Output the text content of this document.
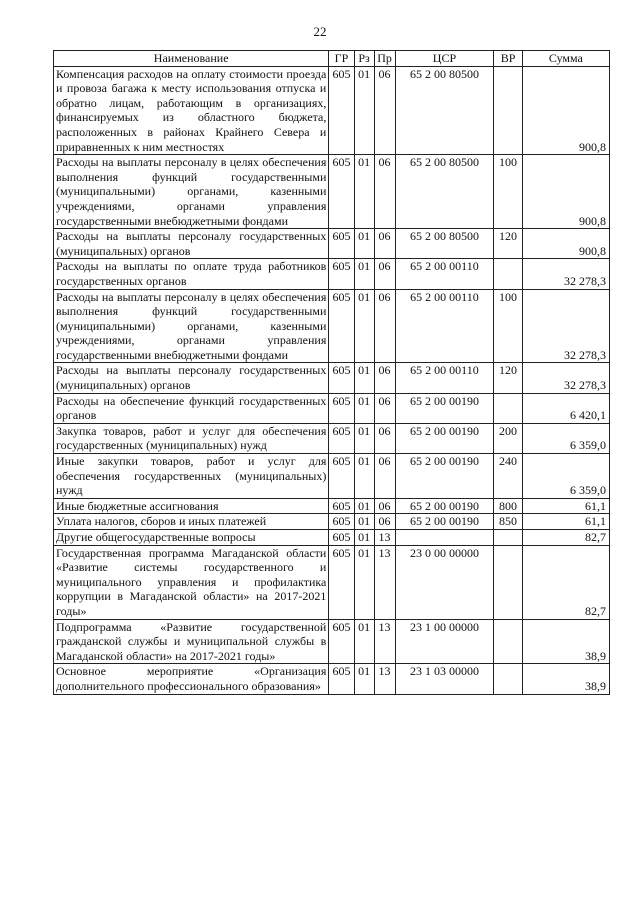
22
Наименование	ГР	Рз	Пр	ЦСР	ВР	Сумма
Компенсация расходов на оплату стоимости проезда и провоза багажа к месту использования отпуска и обратно лицам, работающим в организациях, финансируемых из областного бюджета, расположенных в районах Крайнего Севера и приравненных к ним местностях	605	01	06	65 2 00 80500		900,8
Расходы на выплаты персоналу в целях обеспечения выполнения функций государственными (муниципальными) органами, казенными учреждениями, органами управления государственными внебюджетными фондами	605	01	06	65 2 00 80500	100	900,8
Расходы на выплаты персоналу государственных (муниципальных) органов	605	01	06	65 2 00 80500	120	900,8
Расходы на выплаты по оплате труда работников государственных органов	605	01	06	65 2 00 00110		32 278,3
Расходы на выплаты персоналу в целях обеспечения выполнения функций государственными (муниципальными) органами, казенными учреждениями, органами управления государственными внебюджетными фондами	605	01	06	65 2 00 00110	100	32 278,3
Расходы на выплаты персоналу государственных (муниципальных) органов	605	01	06	65 2 00 00110	120	32 278,3
Расходы на обеспечение функций государственных органов	605	01	06	65 2 00 00190		6 420,1
Закупка товаров, работ и услуг для обеспечения государственных (муниципальных) нужд	605	01	06	65 2 00 00190	200	6 359,0
Иные закупки товаров, работ и услуг для обеспечения государственных (муниципальных) нужд	605	01	06	65 2 00 00190	240	6 359,0
Иные бюджетные ассигнования	605	01	06	65 2 00 00190	800	61,1
Уплата налогов, сборов и иных платежей	605	01	06	65 2 00 00190	850	61,1
Другие общегосударственные вопросы	605	01	13			82,7
Государственная программа Магаданской области «Развитие системы государственного и муниципального управления и профилактика коррупции в Магаданской области» на 2017-2021 годы»	605	01	13	23 0 00 00000		82,7
Подпрограмма «Развитие государственной гражданской службы и муниципальной службы в Магаданской области» на 2017-2021 годы»	605	01	13	23 1 00 00000		38,9
Основное мероприятие «Организация дополнительного профессионального образования»	605	01	13	23 1 03 00000		38,9
